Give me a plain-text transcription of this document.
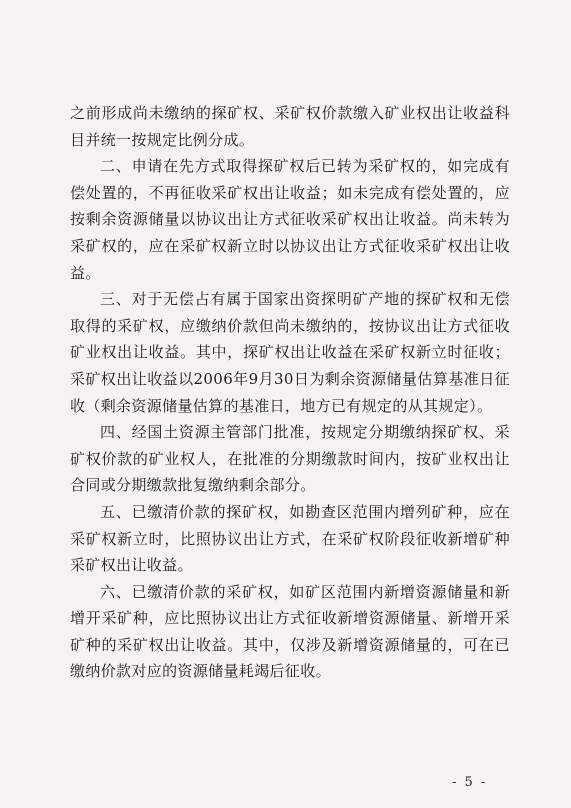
之前形成尚未缴纳的探矿权、采矿权价款缴入矿业权出让收益科目并统一按规定比例分成。

二、申请在先方式取得探矿权后已转为采矿权的，如完成有偿处置的，不再征收采矿权出让收益；如未完成有偿处置的，应按剩余资源储量以协议出让方式征收采矿权出让收益。尚未转为采矿权的，应在采矿权新立时以协议出让方式征收采矿权出让收益。

三、对于无偿占有属于国家出资探明矿产地的探矿权和无偿取得的采矿权，应缴纳价款但尚未缴纳的，按协议出让方式征收矿业权出让收益。其中，探矿权出让收益在采矿权新立时征收；采矿权出让收益以2006年9月30日为剩余资源储量估算基准日征收（剩余资源储量估算的基准日，地方已有规定的从其规定）。

四、经国土资源主管部门批准，按规定分期缴纳探矿权、采矿权价款的矿业权人，在批准的分期缴款时间内，按矿业权出让合同或分期缴款批复缴纳剩余部分。

五、已缴清价款的探矿权，如勘查区范围内增列矿种，应在采矿权新立时，比照协议出让方式，在采矿权阶段征收新增矿种采矿权出让收益。

六、已缴清价款的采矿权，如矿区范围内新增资源储量和新增开采矿种，应比照协议出让方式征收新增资源储量、新增开采矿种的采矿权出让收益。其中，仅涉及新增资源储量的，可在已缴纳价款对应的资源储量耗竭后征收。

- 5 -
